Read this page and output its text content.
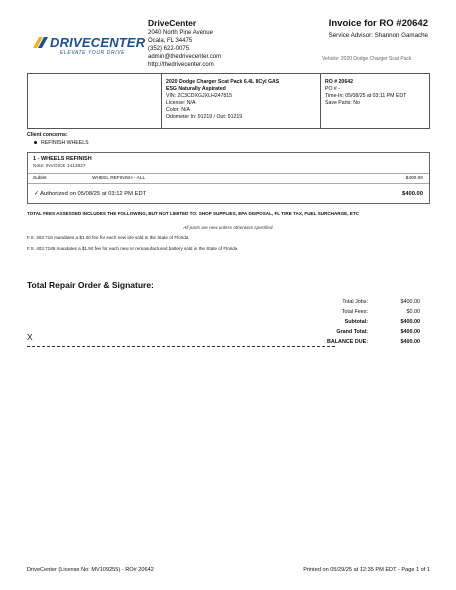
DRIVECENTER
ELEVATE YOUR DRIVE
DriveCenter
2040 North Pine Avenue
Ocala, FL 34475
(352) 622-0075
admin@thedrivecenter.com
http://thedrivecenter.com
Invoice for RO #20642
Service Advisor: Shannon Gamache
Vehicle: 2020 Dodge Charger Scat Pack
2020 Dodge Charger Scat Pack 6.4L 8Cyl GAS
ESG Naturally Aspirated
VIN: 2C3CDXGJXLH247815
License: N/A
Color: N/A
Odometer In: 91219 / Out: 91219
RO # 20642
PO # -
Time-In: 05/08/25 at 03:11 PM EDT
Save Parts: No
Client concerns:
REFINISH WHEELS
1 - WHEELS REFINISH
Note: INVOICE 1412827
Sublet	WHEEL REFINISH - ALL	$400.00
✓ Authorized on 05/08/25 at 03:12 PM EDT	$400.00
TOTAL FEES ASSESSED INCLUDES THE FOLLOWING, BUT NOT LIMITED TO: SHOP SUPPLIES, EPA DISPOSAL, FL TIRE TAX, FUEL SURCHARGE, ETC
All parts are new unless otherwise specified.
F.S. 403.718 mandates a $1.00 fee for each new tire sold in the State of Florida
F.S. 403.7185 mandates a $1.50 fee for each new or remanufactured battery sold in the State of Florida
Total Repair Order & Signature:
Total Jobs:	$400.00
Total Fees:	$0.00
Subtotal:	$400.00
Grand Total:	$400.00
BALANCE DUE:	$400.00
X
DriveCenter (License No: MV109255) - RO# 20642	Printed on 05/29/25 at 12:35 PM EDT - Page 1 of 1
